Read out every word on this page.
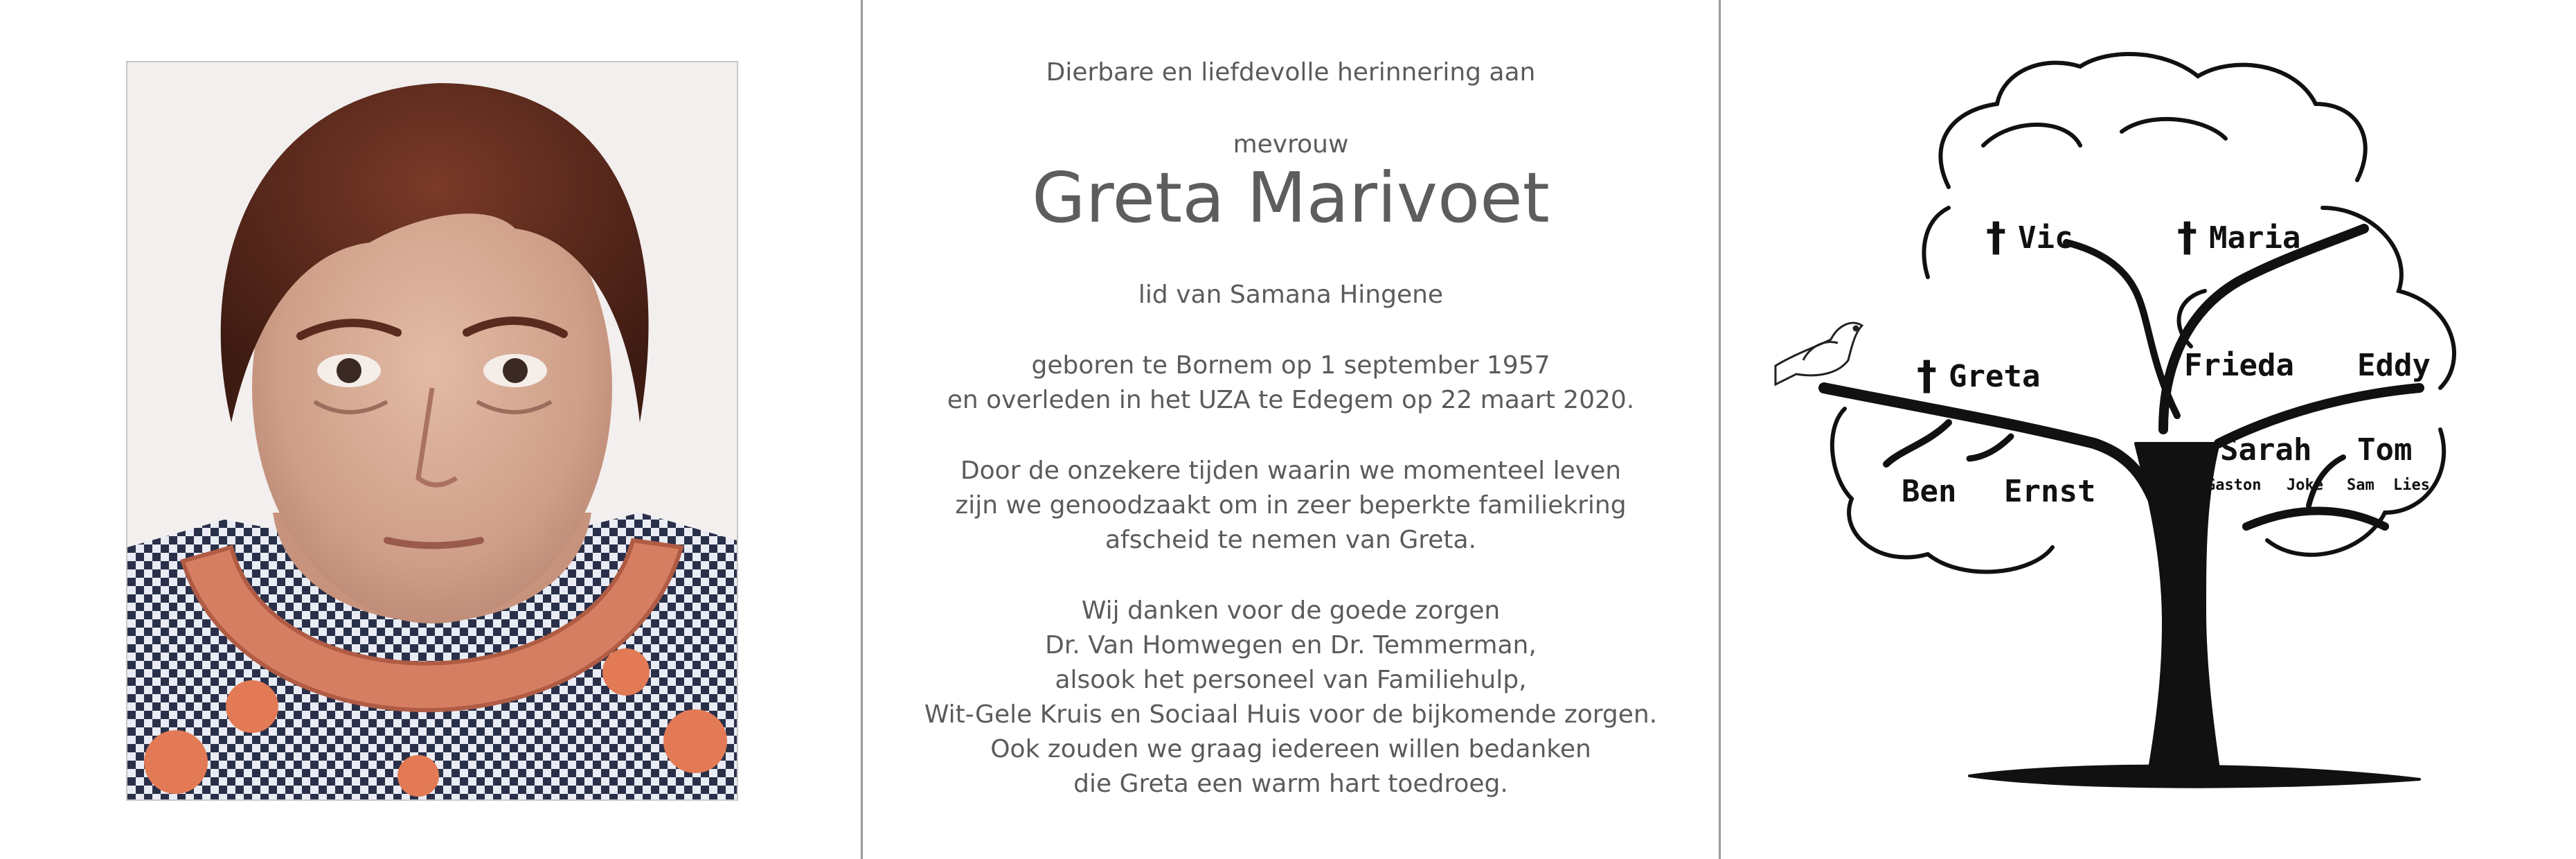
Dierbare en liefdevolle herinnering aan
mevrouw
Greta Marivoet
lid van Samana Hingene
geboren te Bornem op 1 september 1957
en overleden in het UZA te Edegem op 22 maart 2020.
Door de onzekere tijden waarin we momenteel leven
zijn we genoodzaakt om in zeer beperkte familiekring
afscheid te nemen van Greta.
Wij danken voor de goede zorgen
Dr. Van Homwegen en Dr. Temmerman,
alsook het personeel van Familiehulp,
Wit-Gele Kruis en Sociaal Huis voor de bijkomende zorgen.
Ook zouden we graag iedereen willen bedanken
die Greta een warm hart toedroeg.
† Vic	† Maria
† Greta	Frieda Eddy
Sarah Tom
Ben Ernst	Gaston Joke Sam Lies
